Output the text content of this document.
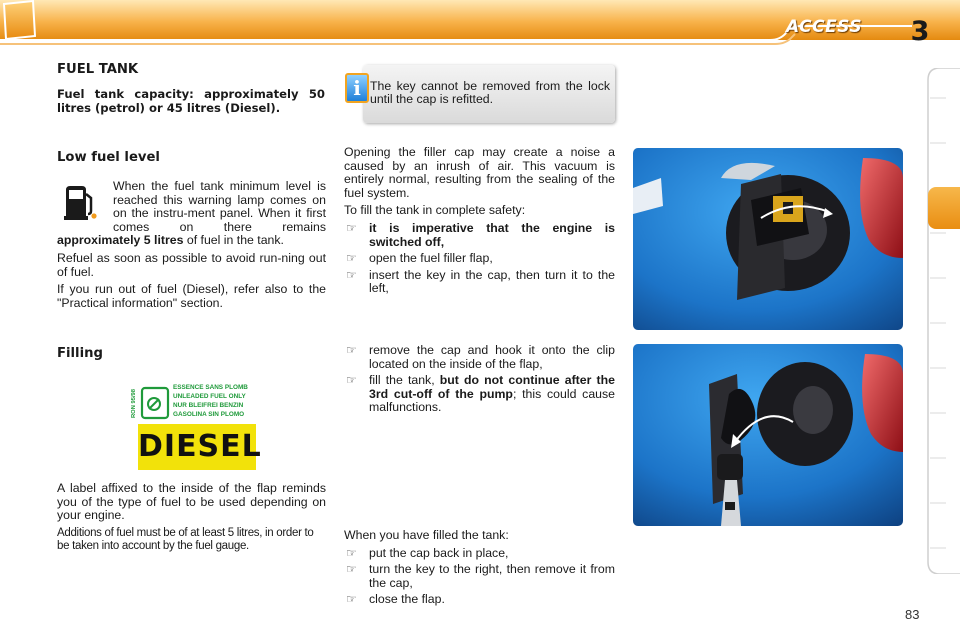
ACCESS	3
FUEL TANK
Fuel tank capacity: approximately 50 litres (petrol) or 45 litres (Diesel).
Low fuel level

When the fuel tank minimum level is reached this warning lamp comes on on the instru-ment panel. When it first comes on there remains approximately 5 litres of fuel in the tank.

Refuel as soon as possible to avoid run-ning out of fuel.

If you run out of fuel (Diesel), refer also to the "Practical information" section.

Filling
RON 95/98
ESSENCE SANS PLOMB
UNLEADED FUEL ONLY
NUR BLEIFREI BENZIN
GASOLINA SIN PLOMO
DIESEL

A label affixed to the inside of the flap reminds you of the type of fuel to be used depending on your engine.

Additions of fuel must be of at least 5 litres, in order to be taken into account by the fuel gauge.

i The key cannot be removed from the lock until the cap is refitted.

Opening the filler cap may create a noise a caused by an inrush of air. This vacuum is entirely normal, resulting from the sealing of the fuel system.

To fill the tank in complete safety:

☞ it is imperative that the engine is switched off,
☞ open the fuel filler flap,
☞ insert the key in the cap, then turn it to the left,
☞ remove the cap and hook it onto the clip located on the inside of the flap,
☞ fill the tank, but do not continue after the 3rd cut-off of the pump; this could cause malfunctions.

When you have filled the tank:

☞ put the cap back in place,
☞ turn the key to the right, then remove it from the cap,
☞ close the flap.
83
